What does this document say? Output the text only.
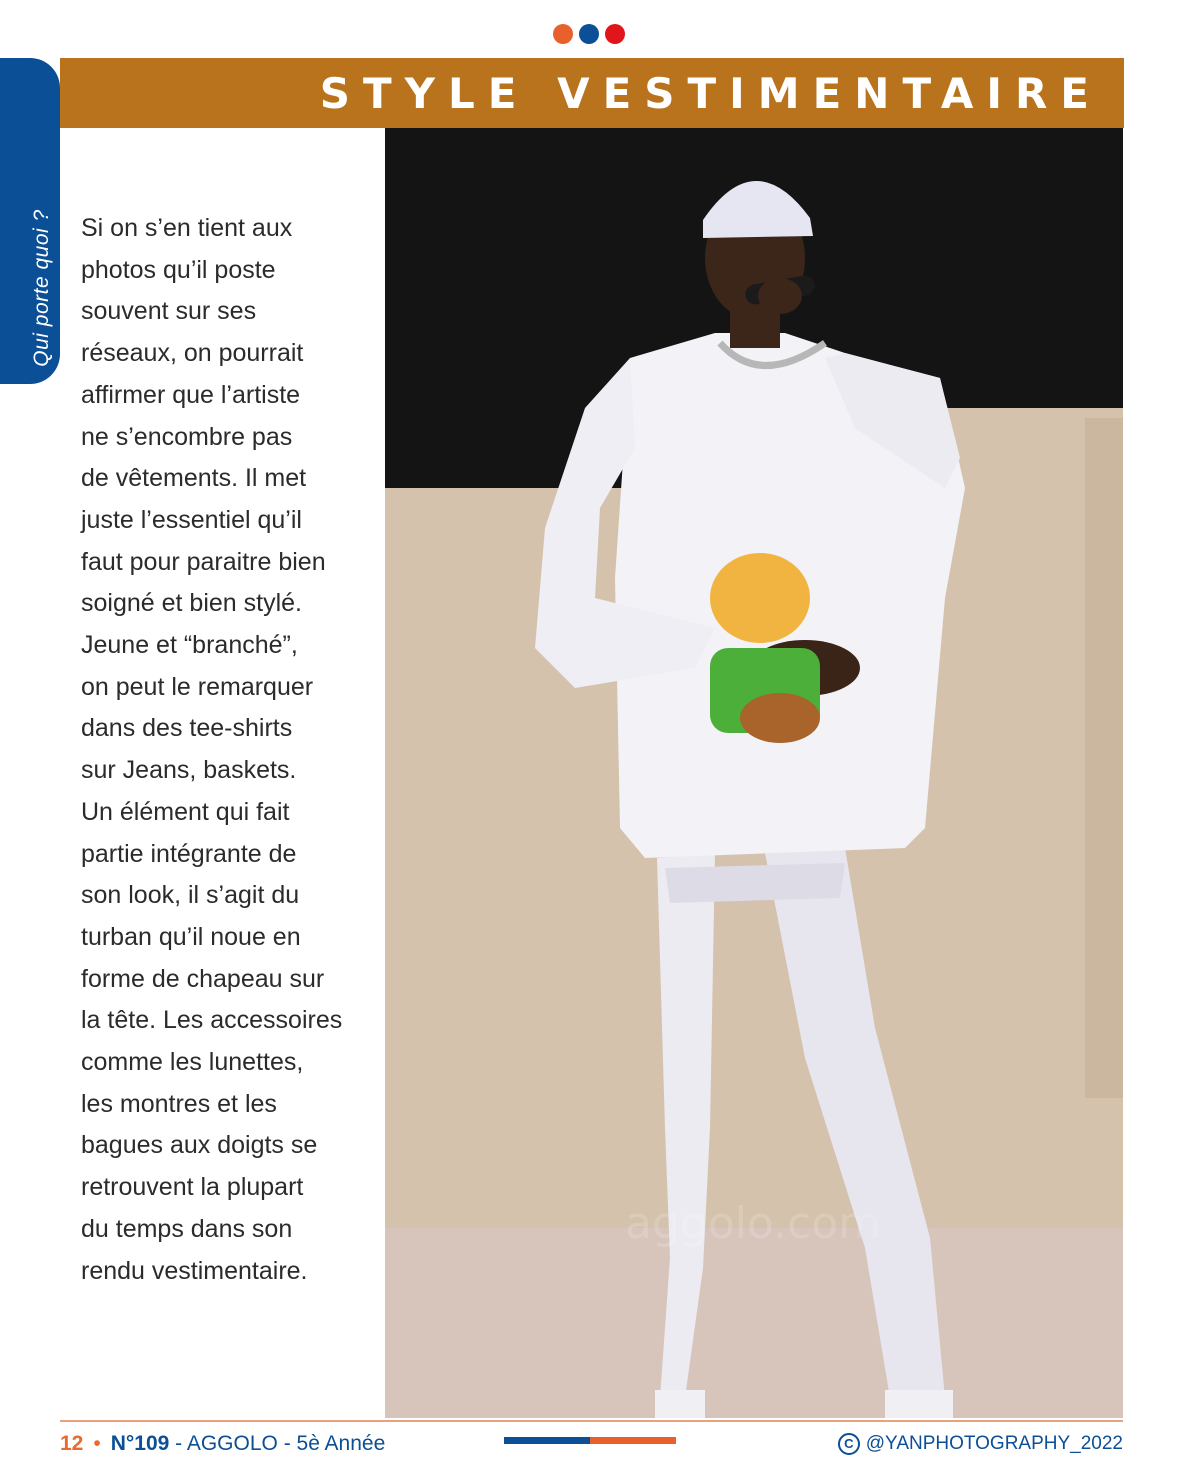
Qui porte quoi ?
STYLE VESTIMENTAIRE
Si on s’en tient aux
photos qu’il poste
souvent sur ses
réseaux, on pourrait
affirmer que l’artiste
ne s’encombre pas
de vêtements. Il met
juste l’essentiel qu’il
faut pour paraitre bien
soigné et bien stylé.
Jeune et “branché”,
on peut le remarquer
dans des tee-shirts
sur Jeans, baskets.
Un élément qui fait
partie intégrante de
son look, il s’agit du
turban qu’il noue en
forme de chapeau sur
la tête. Les accessoires
comme les lunettes,
les montres et les
bagues aux doigts se
retrouvent la plupart
du temps dans son
rendu vestimentaire.
aggolo.com
12 • N°109 - AGGOLO - 5è Année	C @YANPHOTOGRAPHY_2022
